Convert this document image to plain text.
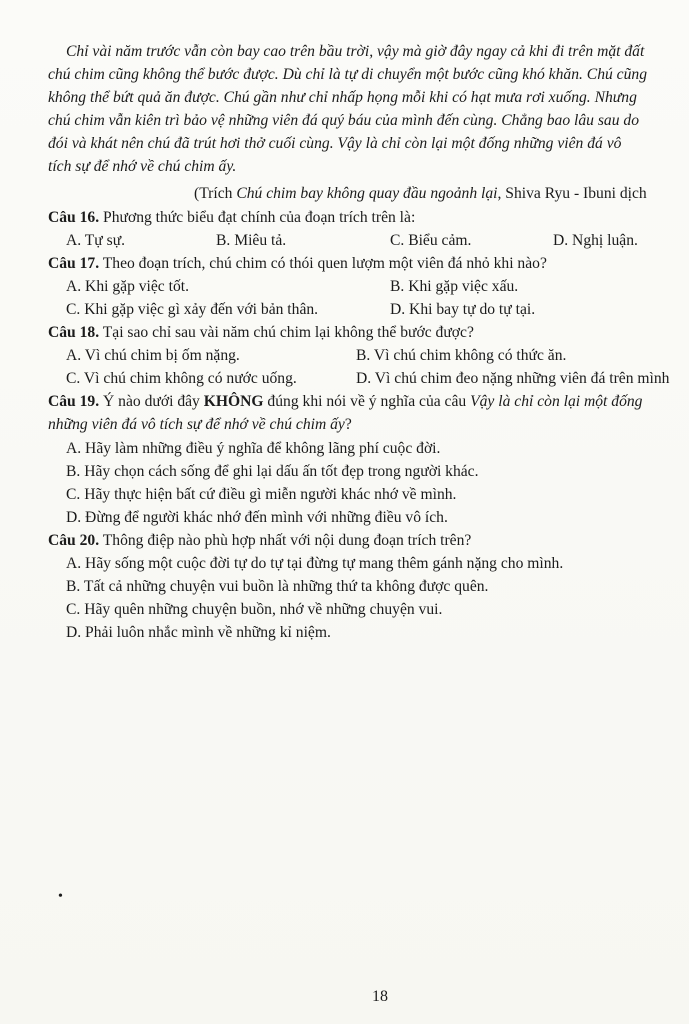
Chỉ vài năm trước vẫn còn bay cao trên bầu trời, vậy mà giờ đây ngay cả khi đi trên mặt đất
chú chim cũng không thể bước được. Dù chỉ là tự di chuyển một bước cũng khó khăn. Chú cũng
không thể bứt quả ăn được. Chú gần như chỉ nhấp họng mỗi khi có hạt mưa rơi xuống. Nhưng
chú chim vẫn kiên trì bảo vệ những viên đá quý báu của mình đến cùng. Chẳng bao lâu sau do
đói và khát nên chú đã trút hơi thở cuối cùng. Vậy là chỉ còn lại một đống những viên đá vô
tích sự để nhớ về chú chim ấy.
(Trích Chú chim bay không quay đầu ngoảnh lại, Shiva Ryu - Ibuni dịch
Câu 16. Phương thức biểu đạt chính của đoạn trích trên là:
A. Tự sự.	B. Miêu tả.	C. Biểu cảm.	D. Nghị luận.
Câu 17. Theo đoạn trích, chú chim có thói quen lượm một viên đá nhỏ khi nào?
A. Khi gặp việc tốt.	B. Khi gặp việc xấu.
C. Khi gặp việc gì xảy đến với bản thân.	D. Khi bay tự do tự tại.
Câu 18. Tại sao chỉ sau vài năm chú chim lại không thể bước được?
A. Vì chú chim bị ốm nặng.	B. Vì chú chim không có thức ăn.
C. Vì chú chim không có nước uống.	D. Vì chú chim đeo nặng những viên đá trên mình
Câu 19. Ý nào dưới đây KHÔNG đúng khi nói về ý nghĩa của câu Vậy là chỉ còn lại một đống
những viên đá vô tích sự để nhớ về chú chim ấy?
A. Hãy làm những điều ý nghĩa để không lãng phí cuộc đời.
B. Hãy chọn cách sống để ghi lại dấu ấn tốt đẹp trong người khác.
C. Hãy thực hiện bất cứ điều gì miễn người khác nhớ về mình.
D. Đừng để người khác nhớ đến mình với những điều vô ích.
Câu 20. Thông điệp nào phù hợp nhất với nội dung đoạn trích trên?
A. Hãy sống một cuộc đời tự do tự tại đừng tự mang thêm gánh nặng cho mình.
B. Tất cả những chuyện vui buồn là những thứ ta không được quên.
C. Hãy quên những chuyện buồn, nhớ về những chuyện vui.
D. Phải luôn nhắc mình về những kỉ niệm.
•
18
